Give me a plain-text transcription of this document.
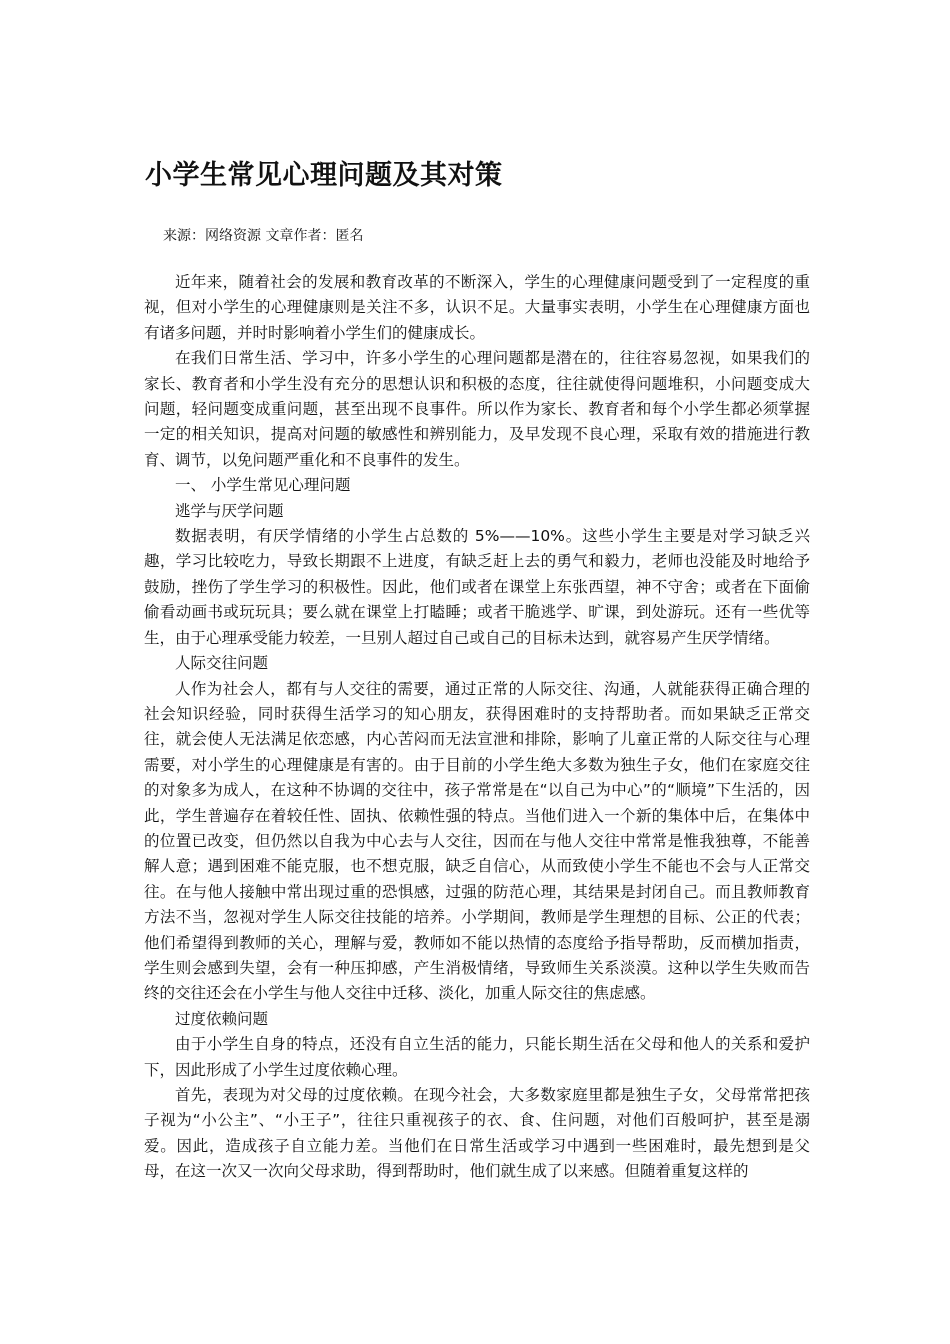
小学生常见心理问题及其对策

来源：网络资源 文章作者：匿名

近年来，随着社会的发展和教育改革的不断深入，学生的心理健康问题受到了一定程度的重视，但对小学生的心理健康则是关注不多，认识不足。大量事实表明，小学生在心理健康方面也有诸多问题，并时时影响着小学生们的健康成长。

在我们日常生活、学习中，许多小学生的心理问题都是潜在的，往往容易忽视，如果我们的家长、教育者和小学生没有充分的思想认识和积极的态度，往往就使得问题堆积，小问题变成大问题，轻问题变成重问题，甚至出现不良事件。所以作为家长、教育者和每个小学生都必须掌握一定的相关知识，提高对问题的敏感性和辨别能力，及早发现不良心理，采取有效的措施进行教育、调节，以免问题严重化和不良事件的发生。

一、 小学生常见心理问题
逃学与厌学问题

数据表明，有厌学情绪的小学生占总数的 5%——10%。这些小学生主要是对学习缺乏兴趣，学习比较吃力，导致长期跟不上进度，有缺乏赶上去的勇气和毅力，老师也没能及时地给予鼓励，挫伤了学生学习的积极性。因此，他们或者在课堂上东张西望，神不守舍；或者在下面偷偷看动画书或玩玩具；要么就在课堂上打瞌睡；或者干脆逃学、旷课，到处游玩。还有一些优等生，由于心理承受能力较差，一旦别人超过自己或自己的目标未达到，就容易产生厌学情绪。

人际交往问题

人作为社会人，都有与人交往的需要，通过正常的人际交往、沟通，人就能获得正确合理的社会知识经验，同时获得生活学习的知心朋友，获得困难时的支持帮助者。而如果缺乏正常交往，就会使人无法满足依恋感，内心苦闷而无法宣泄和排除，影响了儿童正常的人际交往与心理需要，对小学生的心理健康是有害的。由于目前的小学生绝大多数为独生子女，他们在家庭交往的对象多为成人，在这种不协调的交往中，孩子常常是在“以自己为中心”的“顺境”下生活的，因此，学生普遍存在着较任性、固执、依赖性强的特点。当他们进入一个新的集体中后，在集体中的位置已改变，但仍然以自我为中心去与人交往，因而在与他人交往中常常是惟我独尊，不能善解人意；遇到困难不能克服，也不想克服，缺乏自信心，从而致使小学生不能也不会与人正常交往。在与他人接触中常出现过重的恐惧感，过强的防范心理，其结果是封闭自己。而且教师教育方法不当，忽视对学生人际交往技能的培养。小学期间，教师是学生理想的目标、公正的代表；他们希望得到教师的关心，理解与爱，教师如不能以热情的态度给予指导帮助，反而横加指责，学生则会感到失望，会有一种压抑感，产生消极情绪，导致师生关系淡漠。这种以学生失败而告终的交往还会在小学生与他人交往中迁移、淡化，加重人际交往的焦虑感。

过度依赖问题

由于小学生自身的特点，还没有自立生活的能力，只能长期生活在父母和他人的关系和爱护下，因此形成了小学生过度依赖心理。

首先，表现为对父母的过度依赖。在现今社会，大多数家庭里都是独生子女，父母常常把孩子视为“小公主”、“小王子”，往往只重视孩子的衣、食、住问题，对他们百般呵护，甚至是溺爱。因此，造成孩子自立能力差。当他们在日常生活或学习中遇到一些困难时，最先想到是父母，在这一次又一次向父母求助，得到帮助时，他们就生成了以来感。但随着重复这样的
